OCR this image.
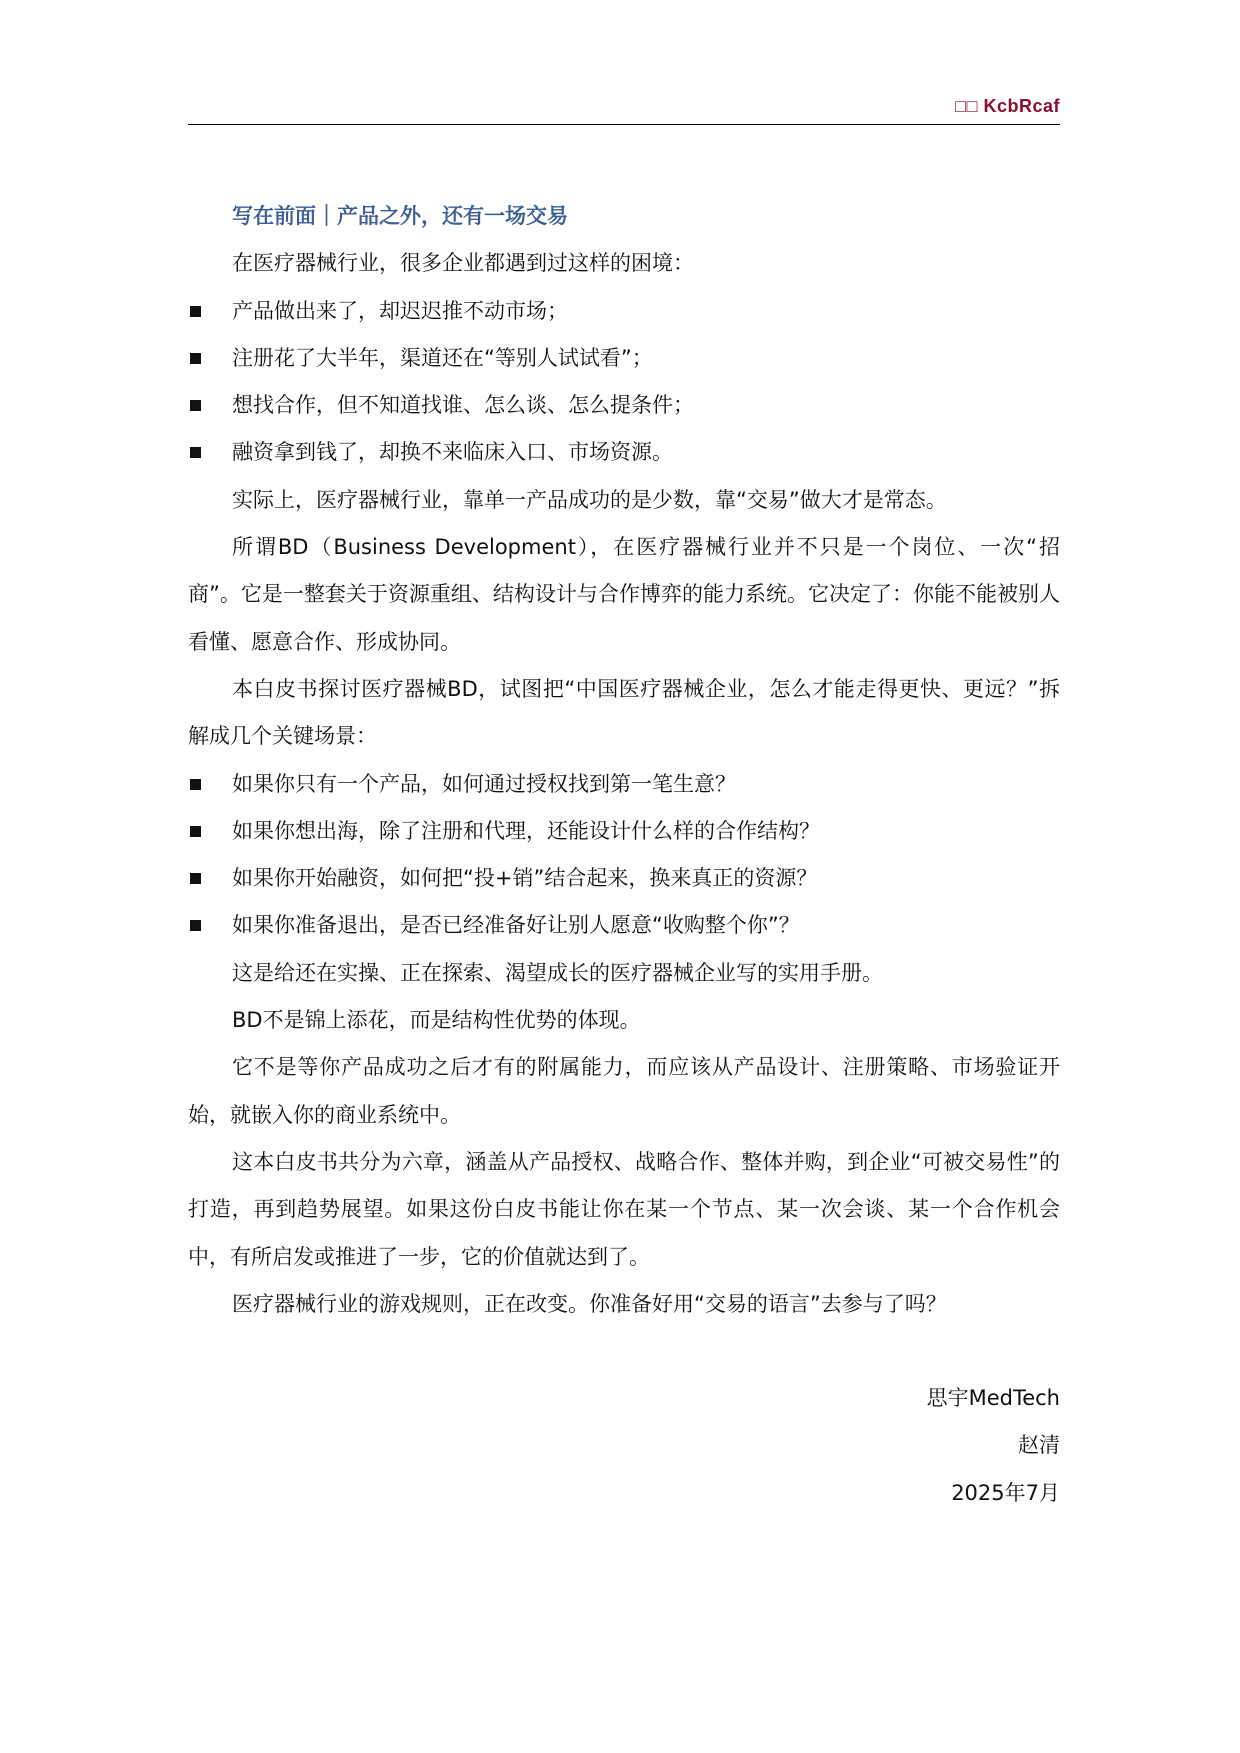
□□ KcbRcaf
写在前面｜产品之外，还有一场交易

在医疗器械行业，很多企业都遇到过这样的困境：

产品做出来了，却迟迟推不动市场；
注册花了大半年，渠道还在“等别人试试看”；
想找合作，但不知道找谁、怎么谈、怎么提条件；
融资拿到钱了，却换不来临床入口、市场资源。

实际上，医疗器械行业，靠单一产品成功的是少数，靠“交易”做大才是常态。

所谓BD（Business Development），在医疗器械行业并不只是一个岗位、一次“招商”。它是一整套关于资源重组、结构设计与合作博弈的能力系统。它决定了：你能不能被别人看懂、愿意合作、形成协同。

本白皮书探讨医疗器械BD，试图把“中国医疗器械企业，怎么才能走得更快、更远？”拆解成几个关键场景：

如果你只有一个产品，如何通过授权找到第一笔生意？
如果你想出海，除了注册和代理，还能设计什么样的合作结构？
如果你开始融资，如何把“投+销”结合起来，换来真正的资源？
如果你准备退出，是否已经准备好让别人愿意“收购整个你”？

这是给还在实操、正在探索、渴望成长的医疗器械企业写的实用手册。

BD不是锦上添花，而是结构性优势的体现。

它不是等你产品成功之后才有的附属能力，而应该从产品设计、注册策略、市场验证开始，就嵌入你的商业系统中。

这本白皮书共分为六章，涵盖从产品授权、战略合作、整体并购，到企业“可被交易性”的打造，再到趋势展望。如果这份白皮书能让你在某一个节点、某一次会谈、某一个合作机会中，有所启发或推进了一步，它的价值就达到了。

医疗器械行业的游戏规则，正在改变。你准备好用“交易的语言”去参与了吗？

思宇MedTech
赵清
2025年7月
